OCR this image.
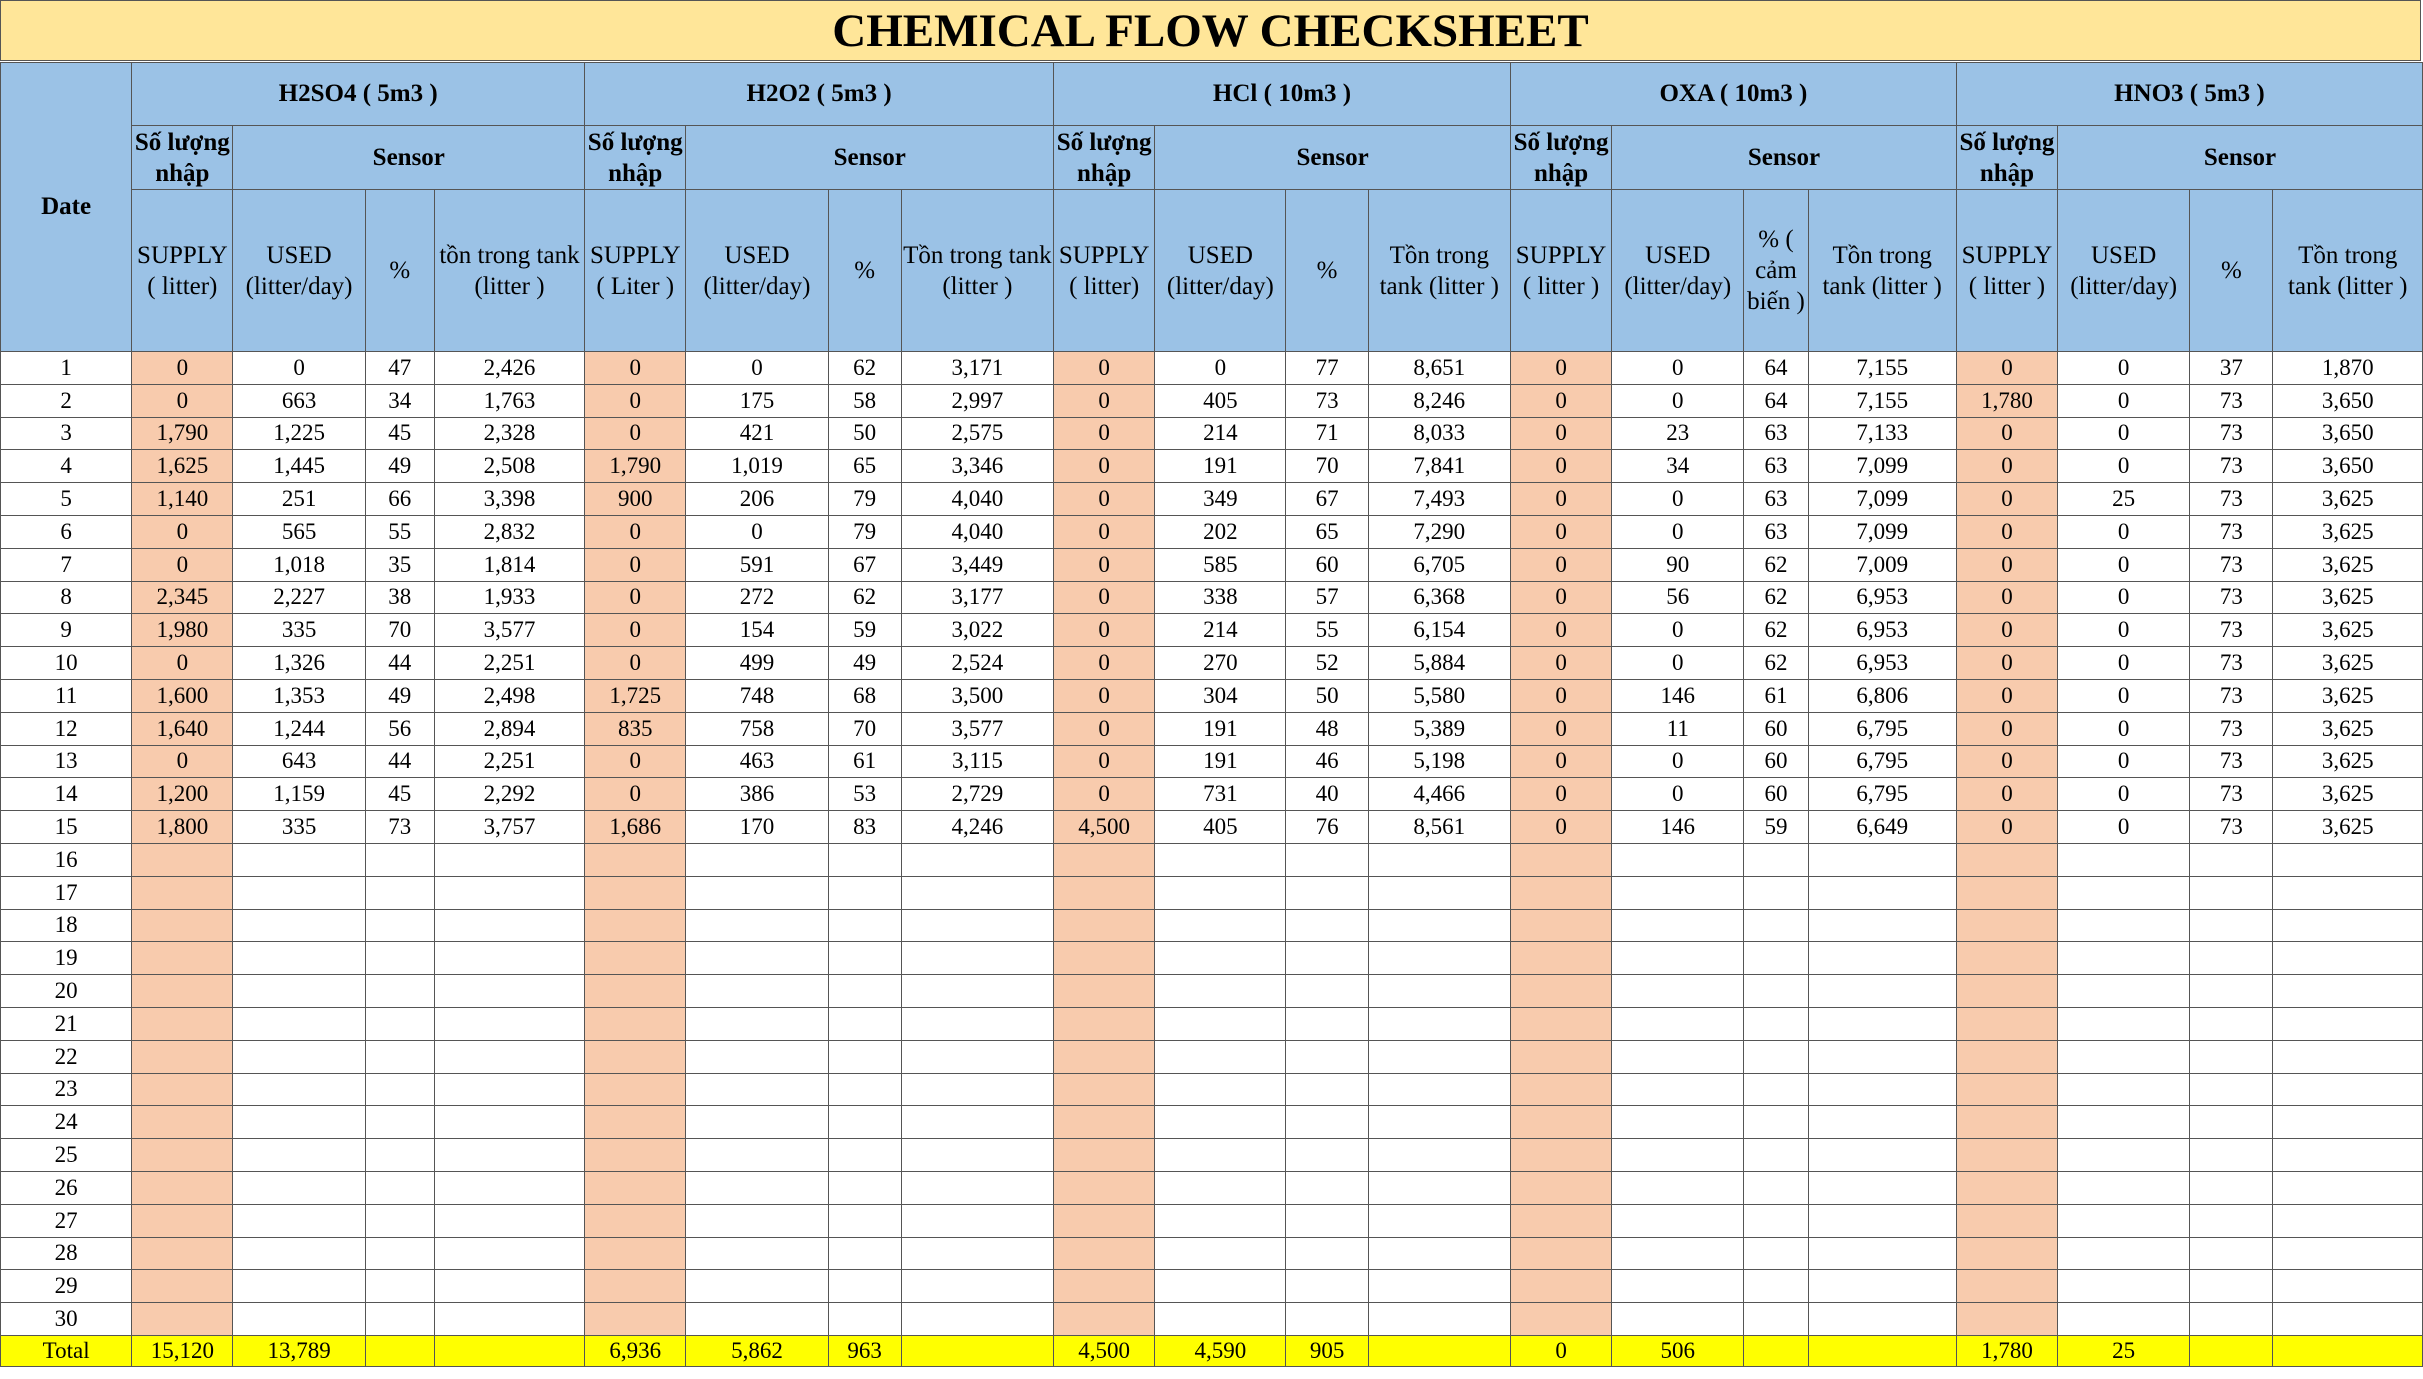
CHEMICAL FLOW CHECKSHEET
Date	H2SO4 ( 5m3 )				H2O2 ( 5m3 )				HCl ( 10m3 )				OXA ( 10m3 )				HNO3 ( 5m3 )			

Số lượng nhập	Sensor			Số lượng nhập	Sensor			Số lượng nhập	Sensor			Số lượng nhập	Sensor			Số lượng nhập	Sensor		
	SUPPLY ( litter)	USED (litter/day)	%	tồn trong tank (litter )	SUPPLY ( Liter )	USED (litter/day)	%	Tồn trong tank (litter )	SUPPLY ( litter)	USED (litter/day)	%	Tồn trong tank (litter )	SUPPLY ( litter )	USED (litter/day)	% ( cảm biến )	Tồn trong tank (litter )	SUPPLY ( litter )	USED (litter/day)	%	Tồn trong tank (litter )
1	0	0	47	2,426	0	0	62	3,171	0	0	77	8,651	0	0	64	7,155	0	0	37	1,870
2	0	663	34	1,763	0	175	58	2,997	0	405	73	8,246	0	0	64	7,155	1,780	0	73	3,650
3	1,790	1,225	45	2,328	0	421	50	2,575	0	214	71	8,033	0	23	63	7,133	0	0	73	3,650
4	1,625	1,445	49	2,508	1,790	1,019	65	3,346	0	191	70	7,841	0	34	63	7,099	0	0	73	3,650
5	1,140	251	66	3,398	900	206	79	4,040	0	349	67	7,493	0	0	63	7,099	0	25	73	3,625
6	0	565	55	2,832	0	0	79	4,040	0	202	65	7,290	0	0	63	7,099	0	0	73	3,625
7	0	1,018	35	1,814	0	591	67	3,449	0	585	60	6,705	0	90	62	7,009	0	0	73	3,625
8	2,345	2,227	38	1,933	0	272	62	3,177	0	338	57	6,368	0	56	62	6,953	0	0	73	3,625
9	1,980	335	70	3,577	0	154	59	3,022	0	214	55	6,154	0	0	62	6,953	0	0	73	3,625
10	0	1,326	44	2,251	0	499	49	2,524	0	270	52	5,884	0	0	62	6,953	0	0	73	3,625
11	1,600	1,353	49	2,498	1,725	748	68	3,500	0	304	50	5,580	0	146	61	6,806	0	0	73	3,625
12	1,640	1,244	56	2,894	835	758	70	3,577	0	191	48	5,389	0	11	60	6,795	0	0	73	3,625
13	0	643	44	2,251	0	463	61	3,115	0	191	46	5,198	0	0	60	6,795	0	0	73	3,625
14	1,200	1,159	45	2,292	0	386	53	2,729	0	731	40	4,466	0	0	60	6,795	0	0	73	3,625
15	1,800	335	73	3,757	1,686	170	83	4,246	4,500	405	76	8,561	0	146	59	6,649	0	0	73	3,625
16																				
17																				
18																				
19																				
20																				
21																				
22																				
23																				
24																				
25																				
26																				
27																				
28																				
29																				
30																				
Total	15,120	13,789			6,936	5,862	963		4,500	4,590	905		0	506			1,780	25		
